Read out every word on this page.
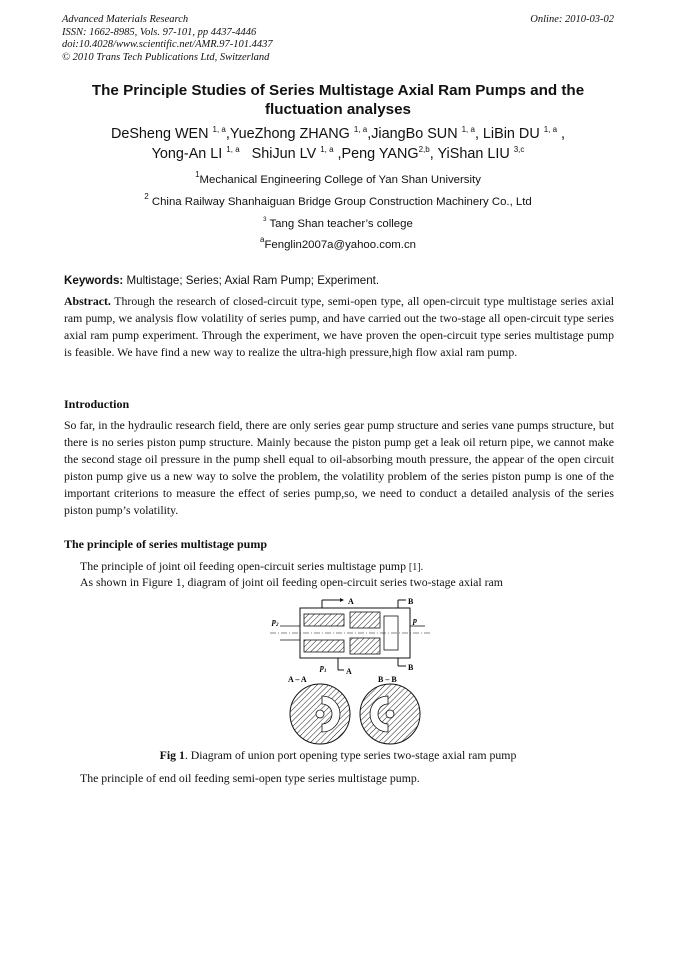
Advanced Materials Research
ISSN: 1662-8985, Vols. 97-101, pp 4437-4446
doi:10.4028/www.scientific.net/AMR.97-101.4437
© 2010 Trans Tech Publications Ltd, Switzerland
Online: 2010-03-02
The Principle Studies of Series Multistage Axial Ram Pumps and the
fluctuation analyses
DeSheng WEN $^{1, a}$,YueZhong ZHANG $^{1, a}$,JiangBo SUN $^{1, a}$, LiBin DU $^{1, a}$ ,
Yong-An LI $^{1, a}$ ShiJun LV $^{1, a}$ ,Peng YANG$^{2,b}$, YiShan LIU $^{3,c}$
$^1$Mechanical Engineering College of Yan Shan University
$^2$ China Railway Shanhaiguan Bridge Group Construction Machinery Co., Ltd
$^3$ Tang Shan teacher’s college
$^a$Fenglin2007a@yahoo.com.cn
Keywords: Multistage; Series; Axial Ram Pump; Experiment.
Abstract. Through the research of closed-circuit type, semi-open type, all open-circuit type multistage series axial ram pump, we analysis flow volatility of series pump, and have carried out the two-stage all open-circuit type series axial ram pump experiment. Through the experiment, we have proven the open-circuit type series multistage pump is feasible. We have find a new way to realize the ultra-high pressure,high flow axial ram pump.
Introduction
So far, in the hydraulic research field, there are only series gear pump structure and series vane pumps structure, but there is no series piston pump structure. Mainly because the piston pump get a leak oil return pipe, we cannot make the second stage oil pressure in the pump shell equal to oil-absorbing mouth pressure, the appear of the open circuit piston pump give us a new way to solve the problem, the volatility problem of the series piston pump is one of the important criterions to measure the effect of series pump,so, we need to conduct a detailed analysis of the series piston pump’s volatility.
The principle of series multistage pump
The principle of joint oil feeding open-circuit series multistage pump [1].
As shown in Figure 1, diagram of joint oil feeding open-circuit series two-stage axial ram
A	B
$p_2$
p
$p_1$ A	B
A – A	B – B
Fig 1. Diagram of union port opening type series two-stage axial ram pump
The principle of end oil feeding semi-open type series multistage pump.
